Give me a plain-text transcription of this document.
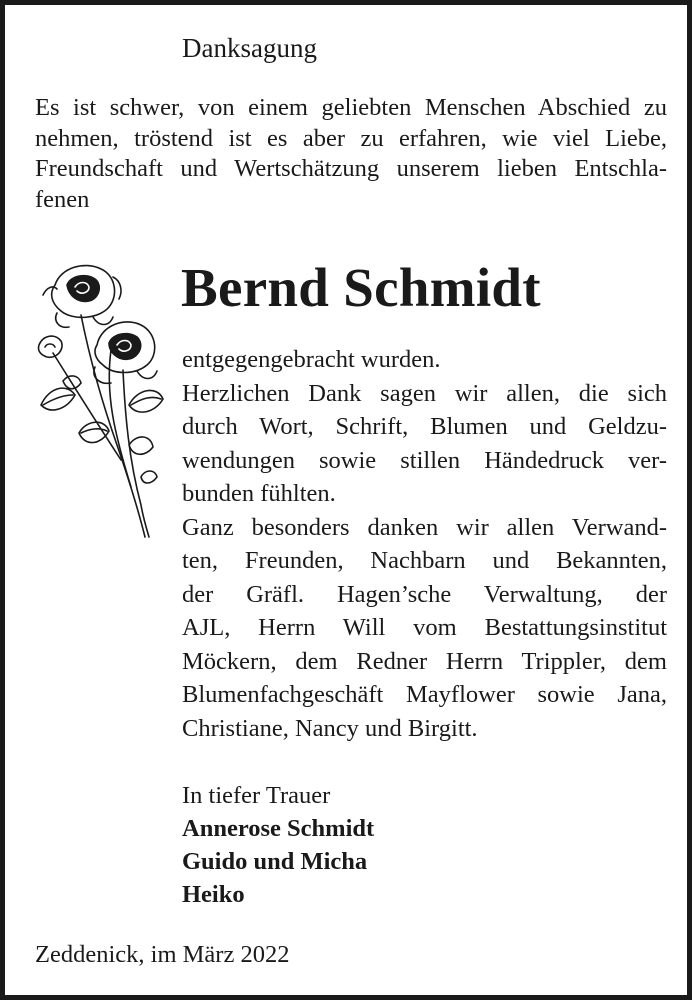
Danksagung
Es ist schwer, von einem geliebten Menschen Abschied zu
nehmen, tröstend ist es aber zu erfahren, wie viel Liebe,
Freundschaft und Wertschätzung unserem lieben Entschla-
fenen
Bernd Schmidt
entgegengebracht wurden.
Herzlichen Dank sagen wir allen, die sich
durch Wort, Schrift, Blumen und Geldzu-
wendungen sowie stillen Händedruck ver-
bunden fühlten.
Ganz besonders danken wir allen Verwand-
ten, Freunden, Nachbarn und Bekannten,
der Gräfl. Hagen’sche Verwaltung, der
AJL, Herrn Will vom Bestattungsinstitut
Möckern, dem Redner Herrn Trippler, dem
Blumenfachgeschäft Mayflower sowie Jana,
Christiane, Nancy und Birgitt.
In tiefer Trauer
Annerose Schmidt
Guido und Micha
Heiko
Zeddenick, im März 2022
